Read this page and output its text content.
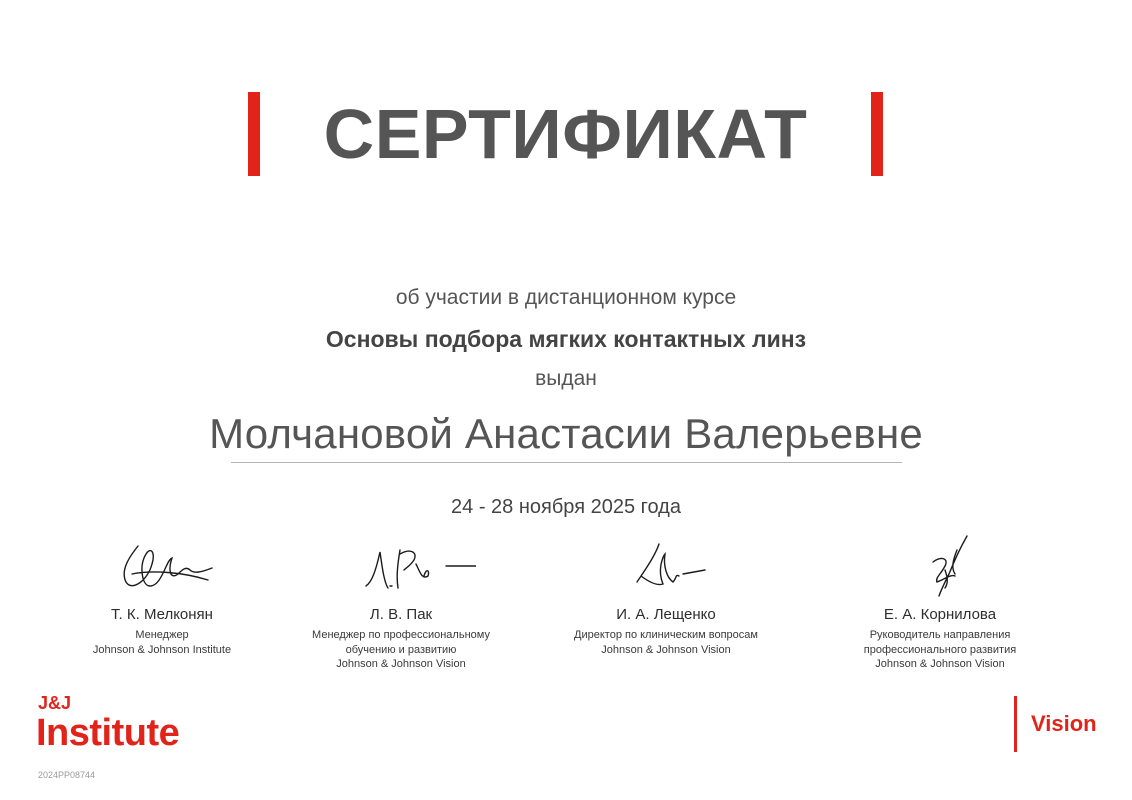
СЕРТИФИКАТ
об участии в дистанционном курсе
Основы подбора мягких контактных линз
выдан
Молчановой Анастасии Валерьевне
24 - 28 ноября 2025 года
Т. К. Мелконян
Менеджер
Johnson & Johnson Institute
Л. В. Пак
Менеджер по профессиональному
обучению и развитию
Johnson & Johnson Vision
И. А. Лещенко
Директор по клиническим вопросам
Johnson & Johnson Vision
Е. А. Корнилова
Руководитель направления
профессионального развития
Johnson & Johnson Vision
J&J
Institute
2024PP08744
Vision
